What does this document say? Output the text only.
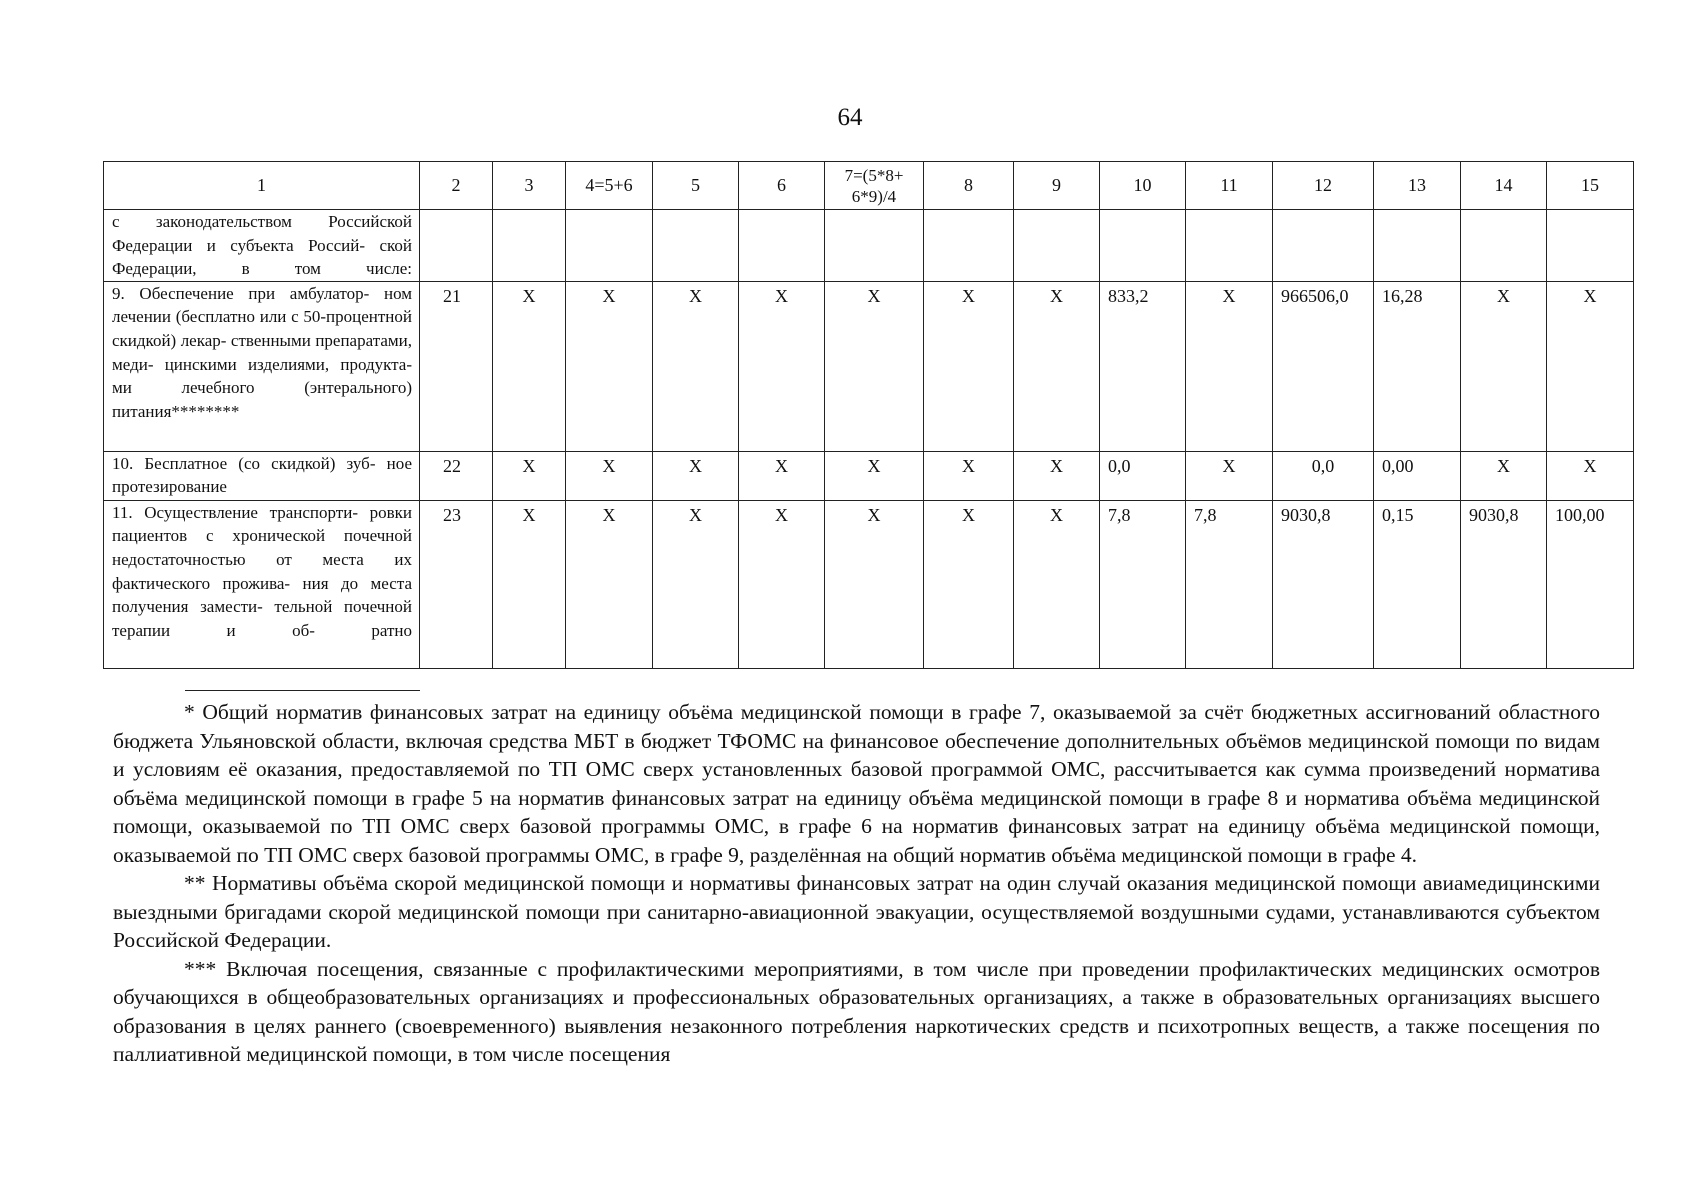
64
1	2	3	4=5+6	5	6	7=(5*8+ 6*9)/4	8	9	10	11	12	13	14	15
с законодательством Российской Федерации и субъекта Россий- ской Федерации, в том числе:														
9. Обеспечение при амбулатор- ном лечении (бесплатно или с 50-процентной скидкой) лекар- ственными препаратами, меди- цинскими изделиями, продукта- ми лечебного (энтерального) питания********	21	Х	Х	Х	Х	Х	Х	Х	833,2	Х	966506,0	16,28	Х	Х
10. Бесплатное (со скидкой) зуб- ное протезирование	22	Х	Х	Х	Х	Х	Х	Х	0,0	Х	0,0	0,00	Х	Х
11. Осуществление транспорти- ровки пациентов с хронической почечной недостаточностью от места их фактического прожива- ния до места получения замести- тельной почечной терапии и об- ратно	23	Х	Х	Х	Х	Х	Х	Х	7,8	7,8	9030,8	0,15	9030,8	100,00

* Общий норматив финансовых затрат на единицу объёма медицинской помощи в графе 7, оказываемой за счёт бюджетных ассигнований областного бюджета Ульяновской области, включая средства МБТ в бюджет ТФОМС на финансовое обеспечение дополнительных объёмов медицинской помощи по видам и условиям её оказания, предоставляемой по ТП ОМС сверх установленных базовой программой ОМС, рассчитывается как сумма произведений норматива объёма медицинской помощи в графе 5 на норматив финансовых затрат на единицу объёма медицинской помощи в графе 8 и норматива объёма медицинской помощи, оказываемой по ТП ОМС сверх базовой программы ОМС, в графе 6 на норматив финансовых затрат на единицу объёма медицинской помощи, оказываемой по ТП ОМС сверх базовой программы ОМС, в графе 9, разделённая на общий норматив объёма медицинской помощи в графе 4.

** Нормативы объёма скорой медицинской помощи и нормативы финансовых затрат на один случай оказания медицинской помощи авиамедицинскими выездными бригадами скорой медицинской помощи при санитарно-авиационной эвакуации, осуществляемой воздушными судами, устанавливаются субъектом Российской Федерации.

*** Включая посещения, связанные с профилактическими мероприятиями, в том числе при проведении профилактических медицинских осмотров обучающихся в общеобразовательных организациях и профессиональных образовательных организациях, а также в образовательных организациях высшего образования в целях раннего (своевременного) выявления незаконного потребления наркотических средств и психотропных веществ, а также посещения по паллиативной медицинской помощи, в том числе посещения
